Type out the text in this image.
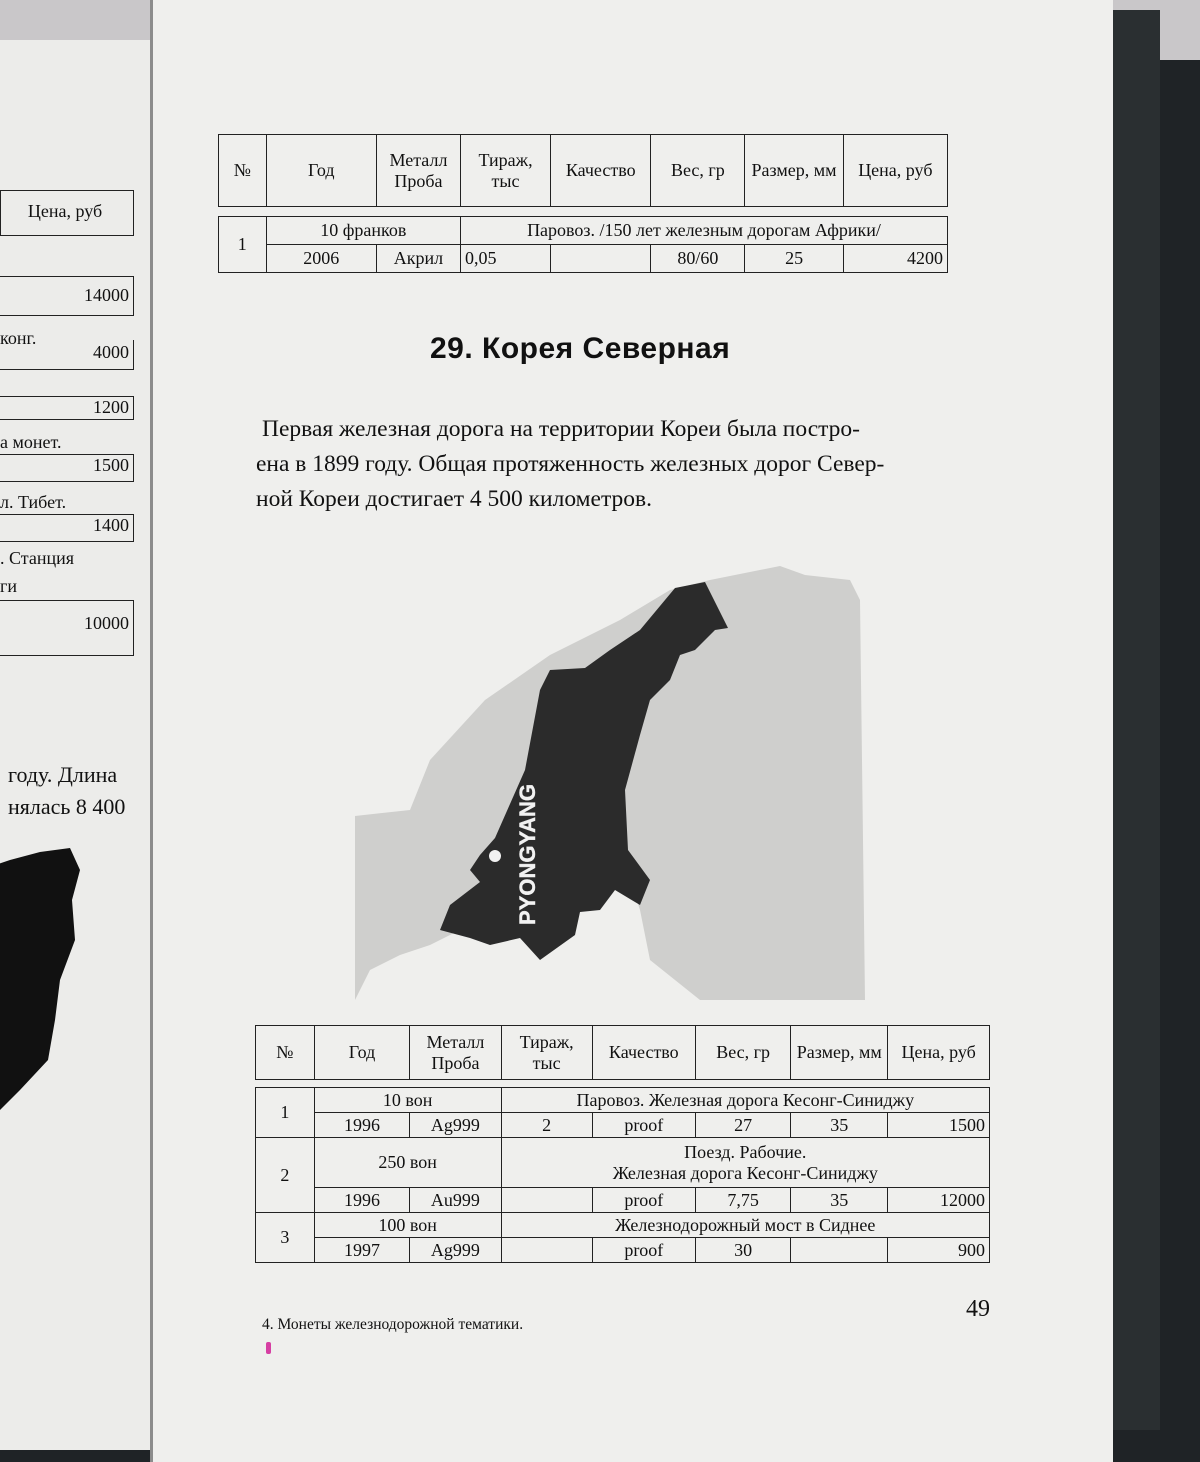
Цена, руб
14000
конг.
4000
1200
а монет.
1500
л. Тибет.
1400
. Станция
ги
10000
году. Длина
нялась 8 400
№	Год	Металл Проба	Тираж, тыс	Качество	Вес, гр	Размер, мм	Цена, руб

1	10 франков		Паровоз. /150 лет железным дорогам Африки/				
	2006	Акрил	0,05		80/60	25	4200
29. Корея Северная
Первая железная дорога на территории Кореи была постро-
ена в 1899 году. Общая протяженность железных дорог Север-
ной Кореи достигает 4 500 километров.
PYONGYANG
№	Год	Металл Проба	Тираж, тыс	Качество	Вес, гр	Размер, мм	Цена, руб

1	10 вон		Паровоз. Железная дорога Кесонг-Синиджу				
	1996	Ag999	2	proof	27	35	1500
2	250 вон		Поезд. Рабочие.
Железная дорога Кесонг-Синиджу				

	1996	Au999		proof	7,75	35	12000
3	100 вон		Железнодорожный мост в Сиднее				
	1997	Ag999		proof	30		900
49
4. Монеты железнодорожной тематики.
